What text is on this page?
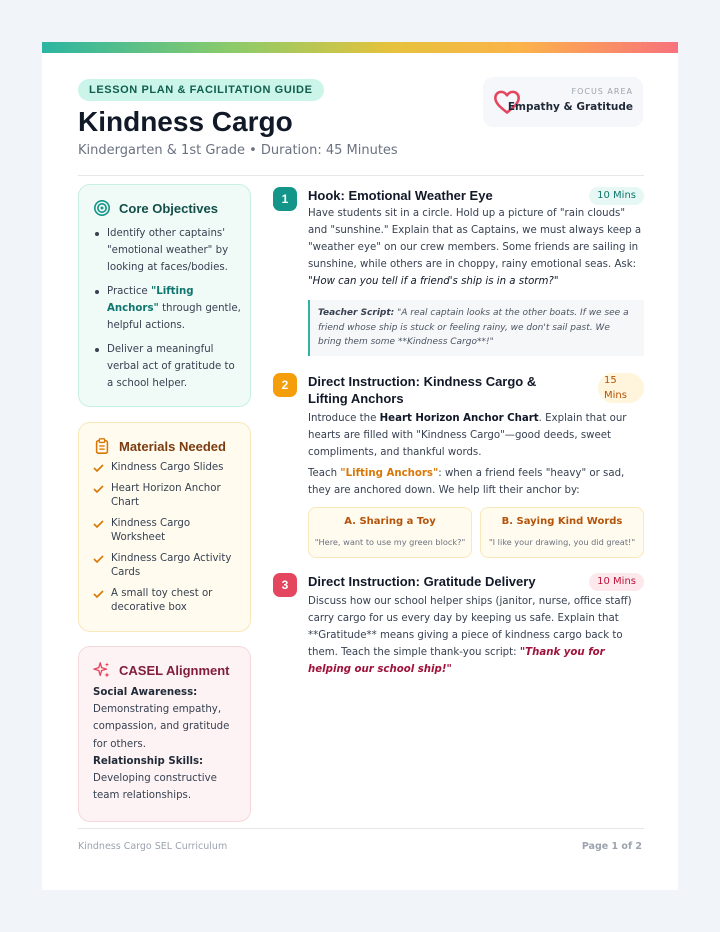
LESSON PLAN & FACILITATION GUIDE
Kindness Cargo
Kindergarten & 1st Grade • Duration: 45 Minutes
FOCUS AREA
Empathy & Gratitude
Core Objectives
Identify other captains' "emotional weather" by looking at faces/bodies.
Practice "Lifting Anchors" through gentle, helpful actions.
Deliver a meaningful verbal act of gratitude to a school helper.
Materials Needed
Kindness Cargo Slides
Heart Horizon Anchor Chart
Kindness Cargo Worksheet
Kindness Cargo Activity Cards
A small toy chest or decorative box
CASEL Alignment
Social Awareness: Demonstrating empathy, compassion, and gratitude for others.
Relationship Skills: Developing constructive team relationships.
1	Hook: Emotional Weather Eye	10 Mins

Have students sit in a circle. Hold up a picture of "rain clouds" and "sunshine." Explain that as Captains, we must always keep a "weather eye" on our crew members. Some friends are sailing in sunshine, while others are in choppy, rainy emotional seas. Ask: "How can you tell if a friend's ship is in a storm?"

Teacher Script: "A real captain looks at the other boats. If we see a friend whose ship is stuck or feeling rainy, we don't sail past. We bring them some **Kindness Cargo**!"
2	Direct Instruction: Kindness Cargo & Lifting Anchors
15 Mins

Introduce the Heart Horizon Anchor Chart. Explain that our hearts are filled with "Kindness Cargo"—good deeds, sweet compliments, and thankful words.

Teach "Lifting Anchors": when a friend feels "heavy" or sad, they are anchored down. We help lift their anchor by:

A. Sharing a Toy
"Here, want to use my green block?"
B. Saying Kind Words
"I like your drawing, you did great!"
3	Direct Instruction: Gratitude Delivery	10 Mins

Discuss how our school helper ships (janitor, nurse, office staff) carry cargo for us every day by keeping us safe. Explain that **Gratitude** means giving a piece of kindness cargo back to them. Teach the simple thank-you script: "Thank you for helping our school ship!"

Kindness Cargo SEL Curriculum	Page 1 of 2
